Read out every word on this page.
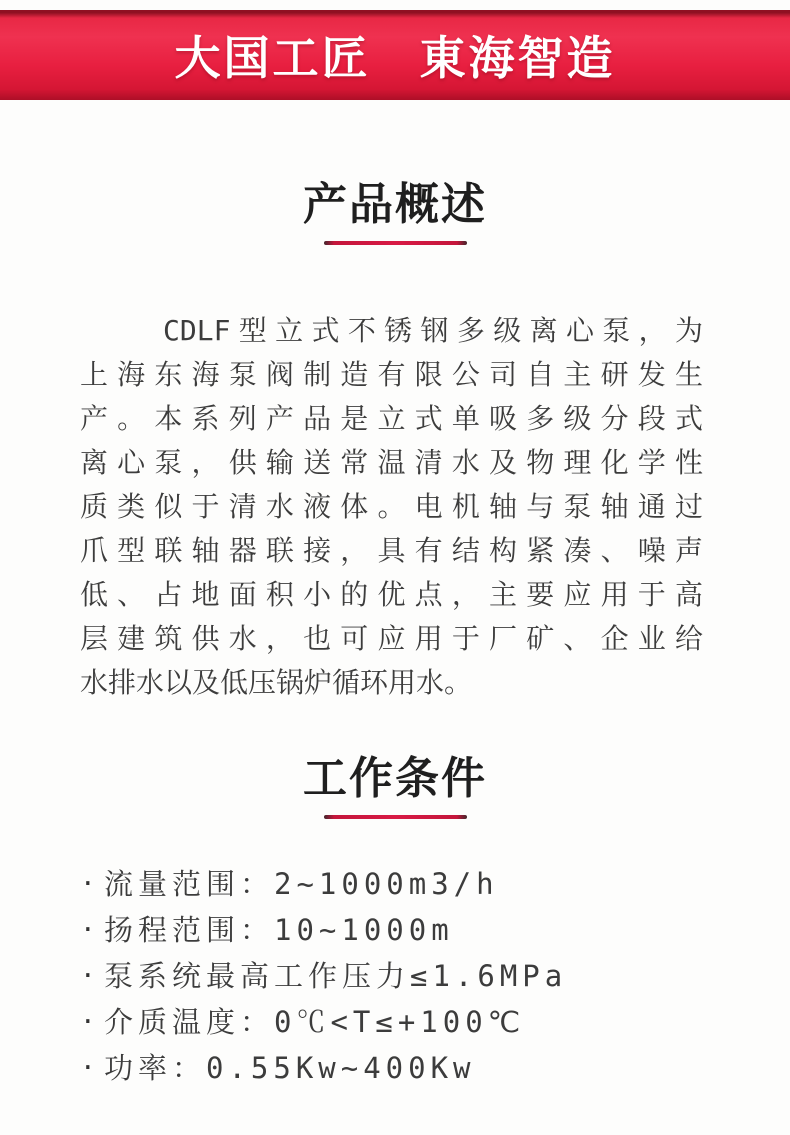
大国工匠　東海智造
产品概述
CDLF型立式不锈钢多级离心泵，为
上海东海泵阀制造有限公司自主研发生
产。本系列产品是立式单吸多级分段式
离心泵，供输送常温清水及物理化学性
质类似于清水液体。电机轴与泵轴通过
爪型联轴器联接，具有结构紧凑、噪声
低、占地面积小的优点，主要应用于高
层建筑供水，也可应用于厂矿、企业给
水排水以及低压锅炉循环用水。
工作条件
· 流量范围：2~1000m3/h
· 扬程范围：10~1000m
· 泵系统最高工作压力≤1.6MPa
· 介质温度：0℃<T≤+100℃
· 功率：0.55Kw~400Kw
